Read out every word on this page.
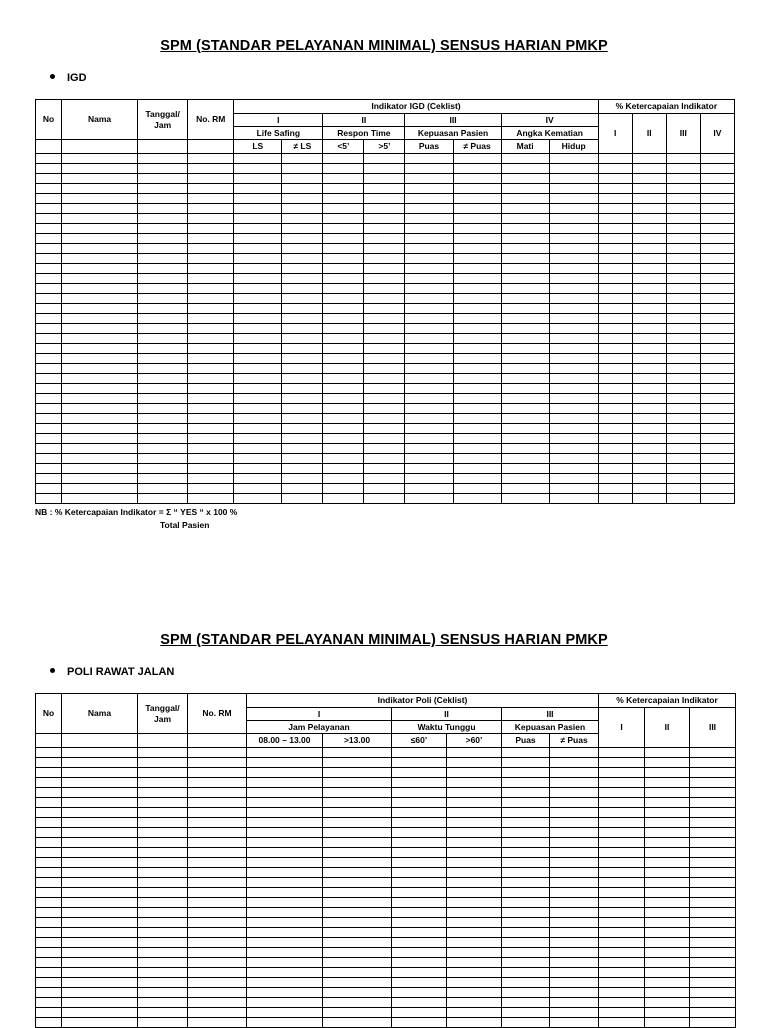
SPM (STANDAR PELAYANAN MINIMAL) SENSUS HARIAN PMKP
IGD
No	Nama	Tanggal/ Jam	No. RM	Indikator IGD (Ceklist)								% Ketercapaian Indikator			
				I		II		III		IV		I	II	III	IV
				Life Safing		Respon Time		Kepuasan Pasien		Angka Kematian					
				LS	≠ LS	<5’	>5’	Puas	≠ Puas	Mati	Hidup				

NB : % Ketercapaian Indikator = Σ “ YES “ x 100 %
Total Pasien
SPM (STANDAR PELAYANAN MINIMAL) SENSUS HARIAN PMKP
POLI RAWAT JALAN
No	Nama	Tanggal/ Jam	No. RM	Indikator Poli (Ceklist)						% Ketercapaian Indikator		
				I		II		III		I	II	III
				Jam Pelayanan		Waktu Tunggu		Kepuasan Pasien				
				08.00 – 13.00	>13.00	≤60’	>60’	Puas	≠ Puas			
